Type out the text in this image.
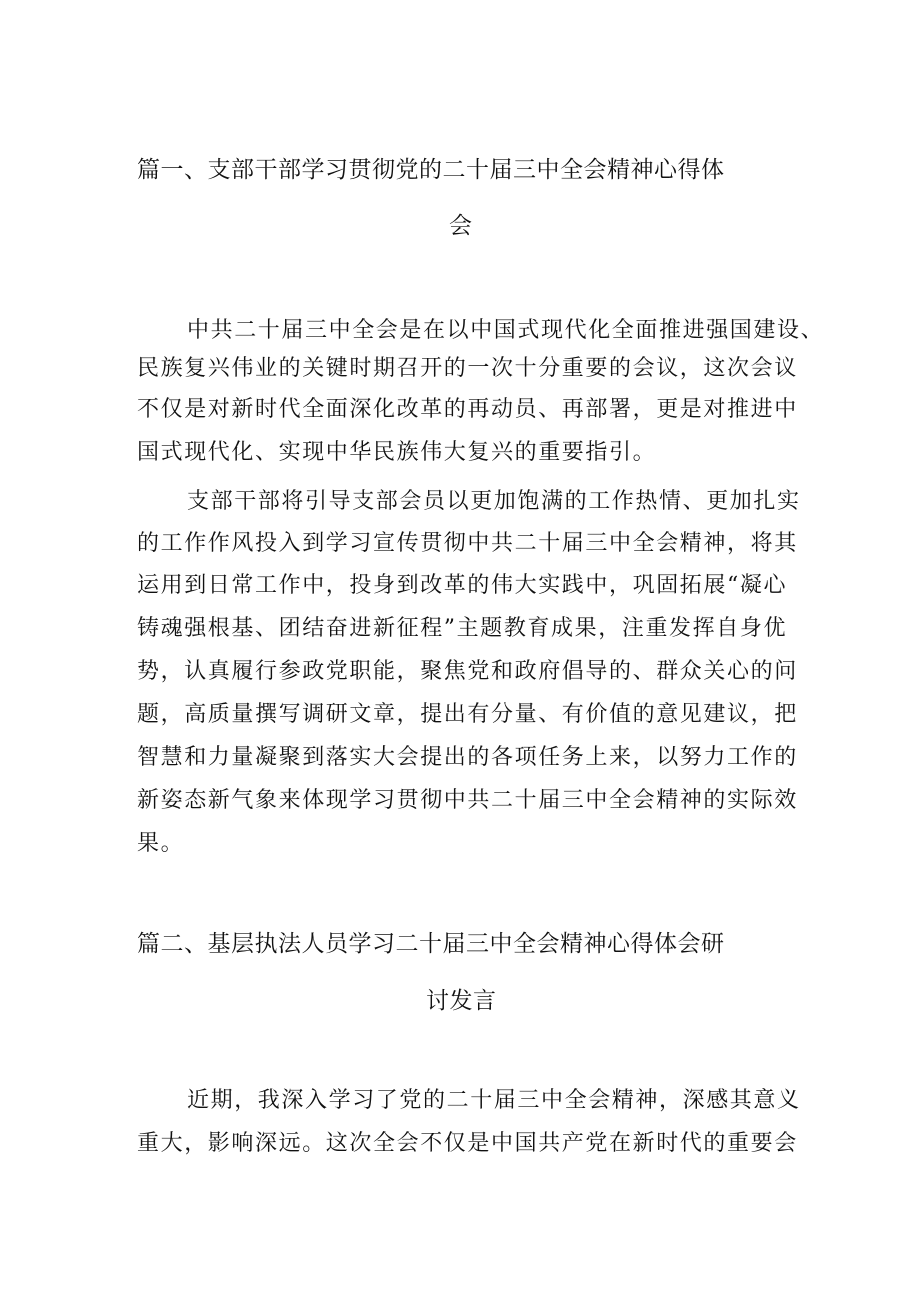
篇一、支部干部学习贯彻党的二十届三中全会精神心得体

会

中共二十届三中全会是在以中国式现代化全面推进强国建设、

民族复兴伟业的关键时期召开的一次十分重要的会议，这次会议

不仅是对新时代全面深化改革的再动员、再部署，更是对推进中

国式现代化、实现中华民族伟大复兴的重要指引。

支部干部将引导支部会员以更加饱满的工作热情、更加扎实

的工作作风投入到学习宣传贯彻中共二十届三中全会精神，将其

运用到日常工作中，投身到改革的伟大实践中，巩固拓展“凝心

铸魂强根基、团结奋进新征程”主题教育成果，注重发挥自身优

势，认真履行参政党职能，聚焦党和政府倡导的、群众关心的问

题，高质量撰写调研文章，提出有分量、有价值的意见建议，把

智慧和力量凝聚到落实大会提出的各项任务上来，以努力工作的

新姿态新气象来体现学习贯彻中共二十届三中全会精神的实际效

果。

篇二、基层执法人员学习二十届三中全会精神心得体会研

讨发言

近期，我深入学习了党的二十届三中全会精神，深感其意义

重大，影响深远。这次全会不仅是中国共产党在新时代的重要会
